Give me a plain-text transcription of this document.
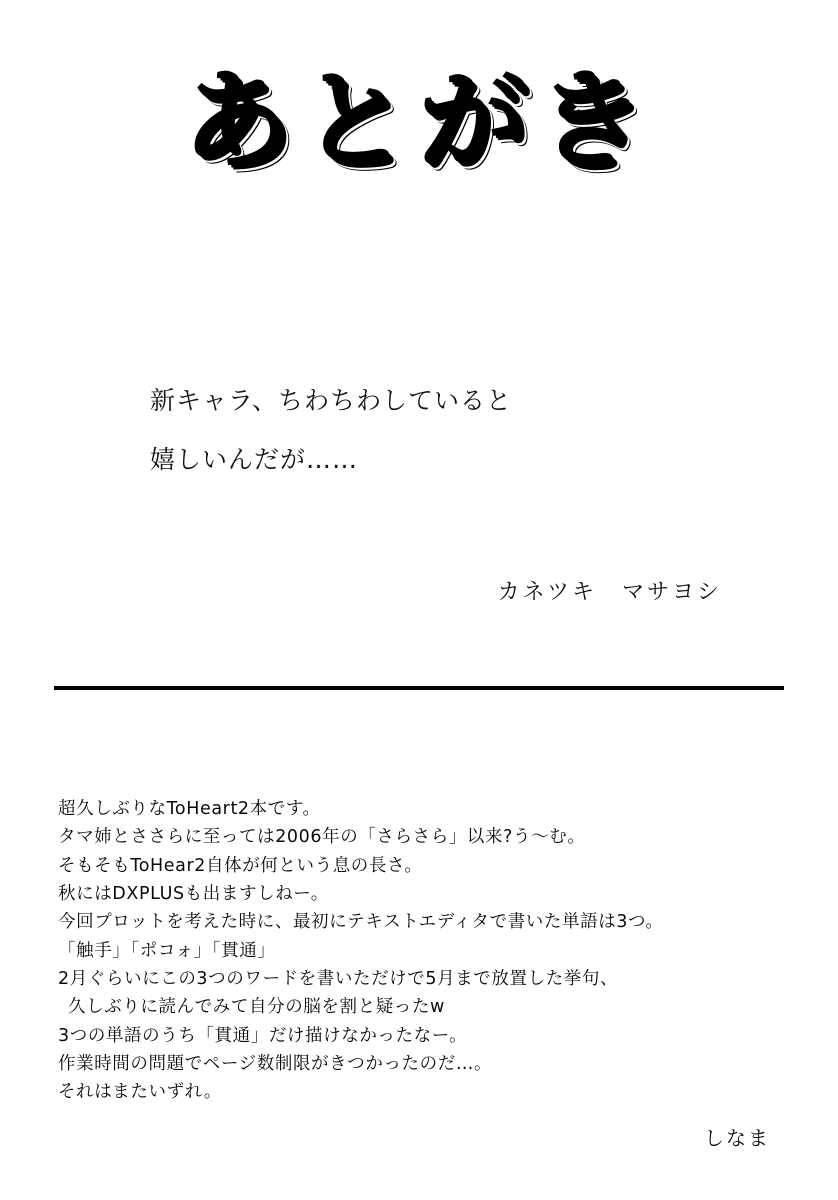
あとがき
新キャラ、ちわちわしていると
嬉しいんだが……
カネツキ　マサヨシ
超久しぶりなToHeart2本です。
タマ姉とささらに至っては2006年の「さらさら」以来?う～む。
そもそもToHear2自体が何という息の長さ。
秋にはDXPLUSも出ますしねー。
今回プロットを考えた時に、最初にテキストエディタで書いた単語は3つ。
「触手」「ポコォ」「貫通」
2月ぐらいにこの3つのワードを書いただけで5月まで放置した挙句、
久しぶりに読んでみて自分の脳を割と疑ったw
3つの単語のうち「貫通」だけ描けなかったなー。
作業時間の問題でページ数制限がきつかったのだ…。
それはまたいずれ。
しなま
